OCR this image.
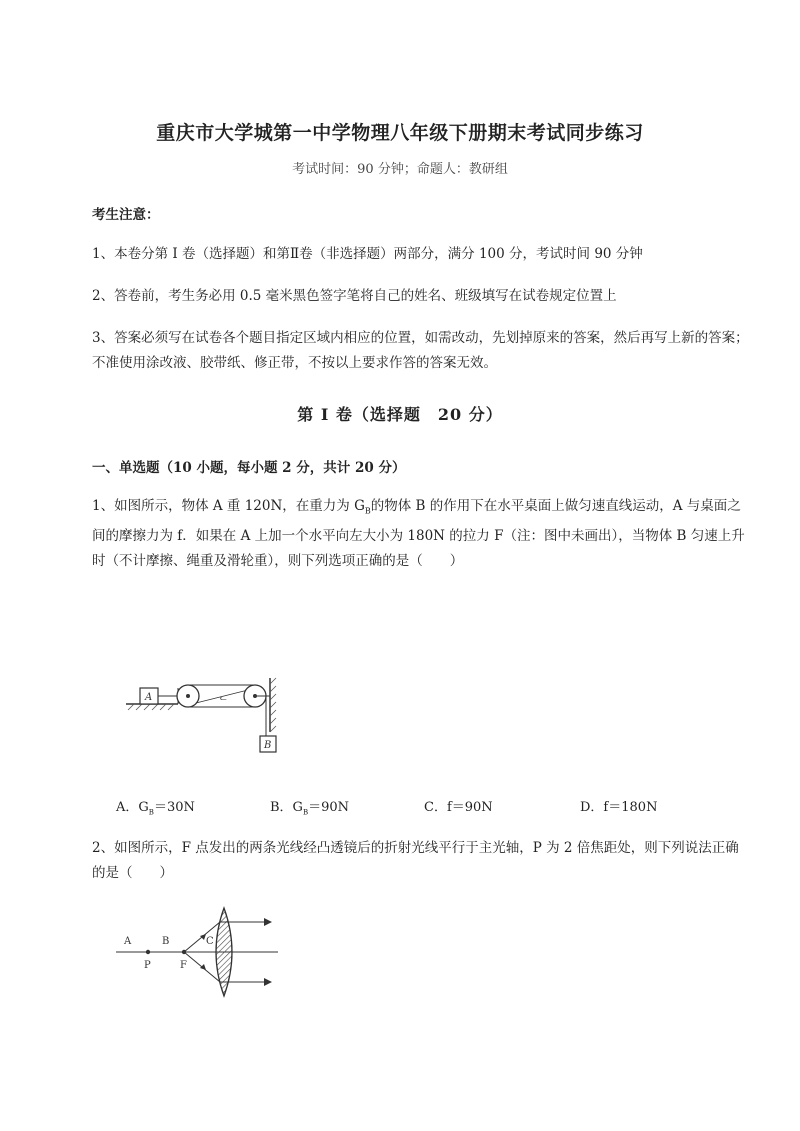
重庆市大学城第一中学物理八年级下册期末考试同步练习
考试时间：90 分钟；命题人：教研组
考生注意：
1、本卷分第 I 卷（选择题）和第Ⅱ卷（非选择题）两部分，满分 100 分，考试时间 90 分钟
2、答卷前，考生务必用 0.5 毫米黑色签字笔将自己的姓名、班级填写在试卷规定位置上
3、答案必须写在试卷各个题目指定区域内相应的位置，如需改动，先划掉原来的答案，然后再写上新的答案；不准使用涂改液、胶带纸、修正带，不按以上要求作答的答案无效。
第 I 卷（选择题　20 分）
一、单选题（10 小题，每小题 2 分，共计 20 分）
1、如图所示，物体 A 重 120N，在重力为 $G_B$的物体 B 的作用下在水平桌面上做匀速直线运动，A 与桌面之间的摩擦力为 f．如果在 A 上加一个水平向左大小为 180N 的拉力 F（注：图中未画出），当物体 B 匀速上升时（不计摩擦、绳重及滑轮重），则下列选项正确的是（　　）
A	ᓚ
B
A．$G_B=30N$	B．$G_B=90N$	C．f＝90N	D．f＝180N
2、如图所示，F 点发出的两条光线经凸透镜后的折射光线平行于主光轴，P 为 2 倍焦距处，则下列说法正确的是（　　）
A	B
P	F
C
